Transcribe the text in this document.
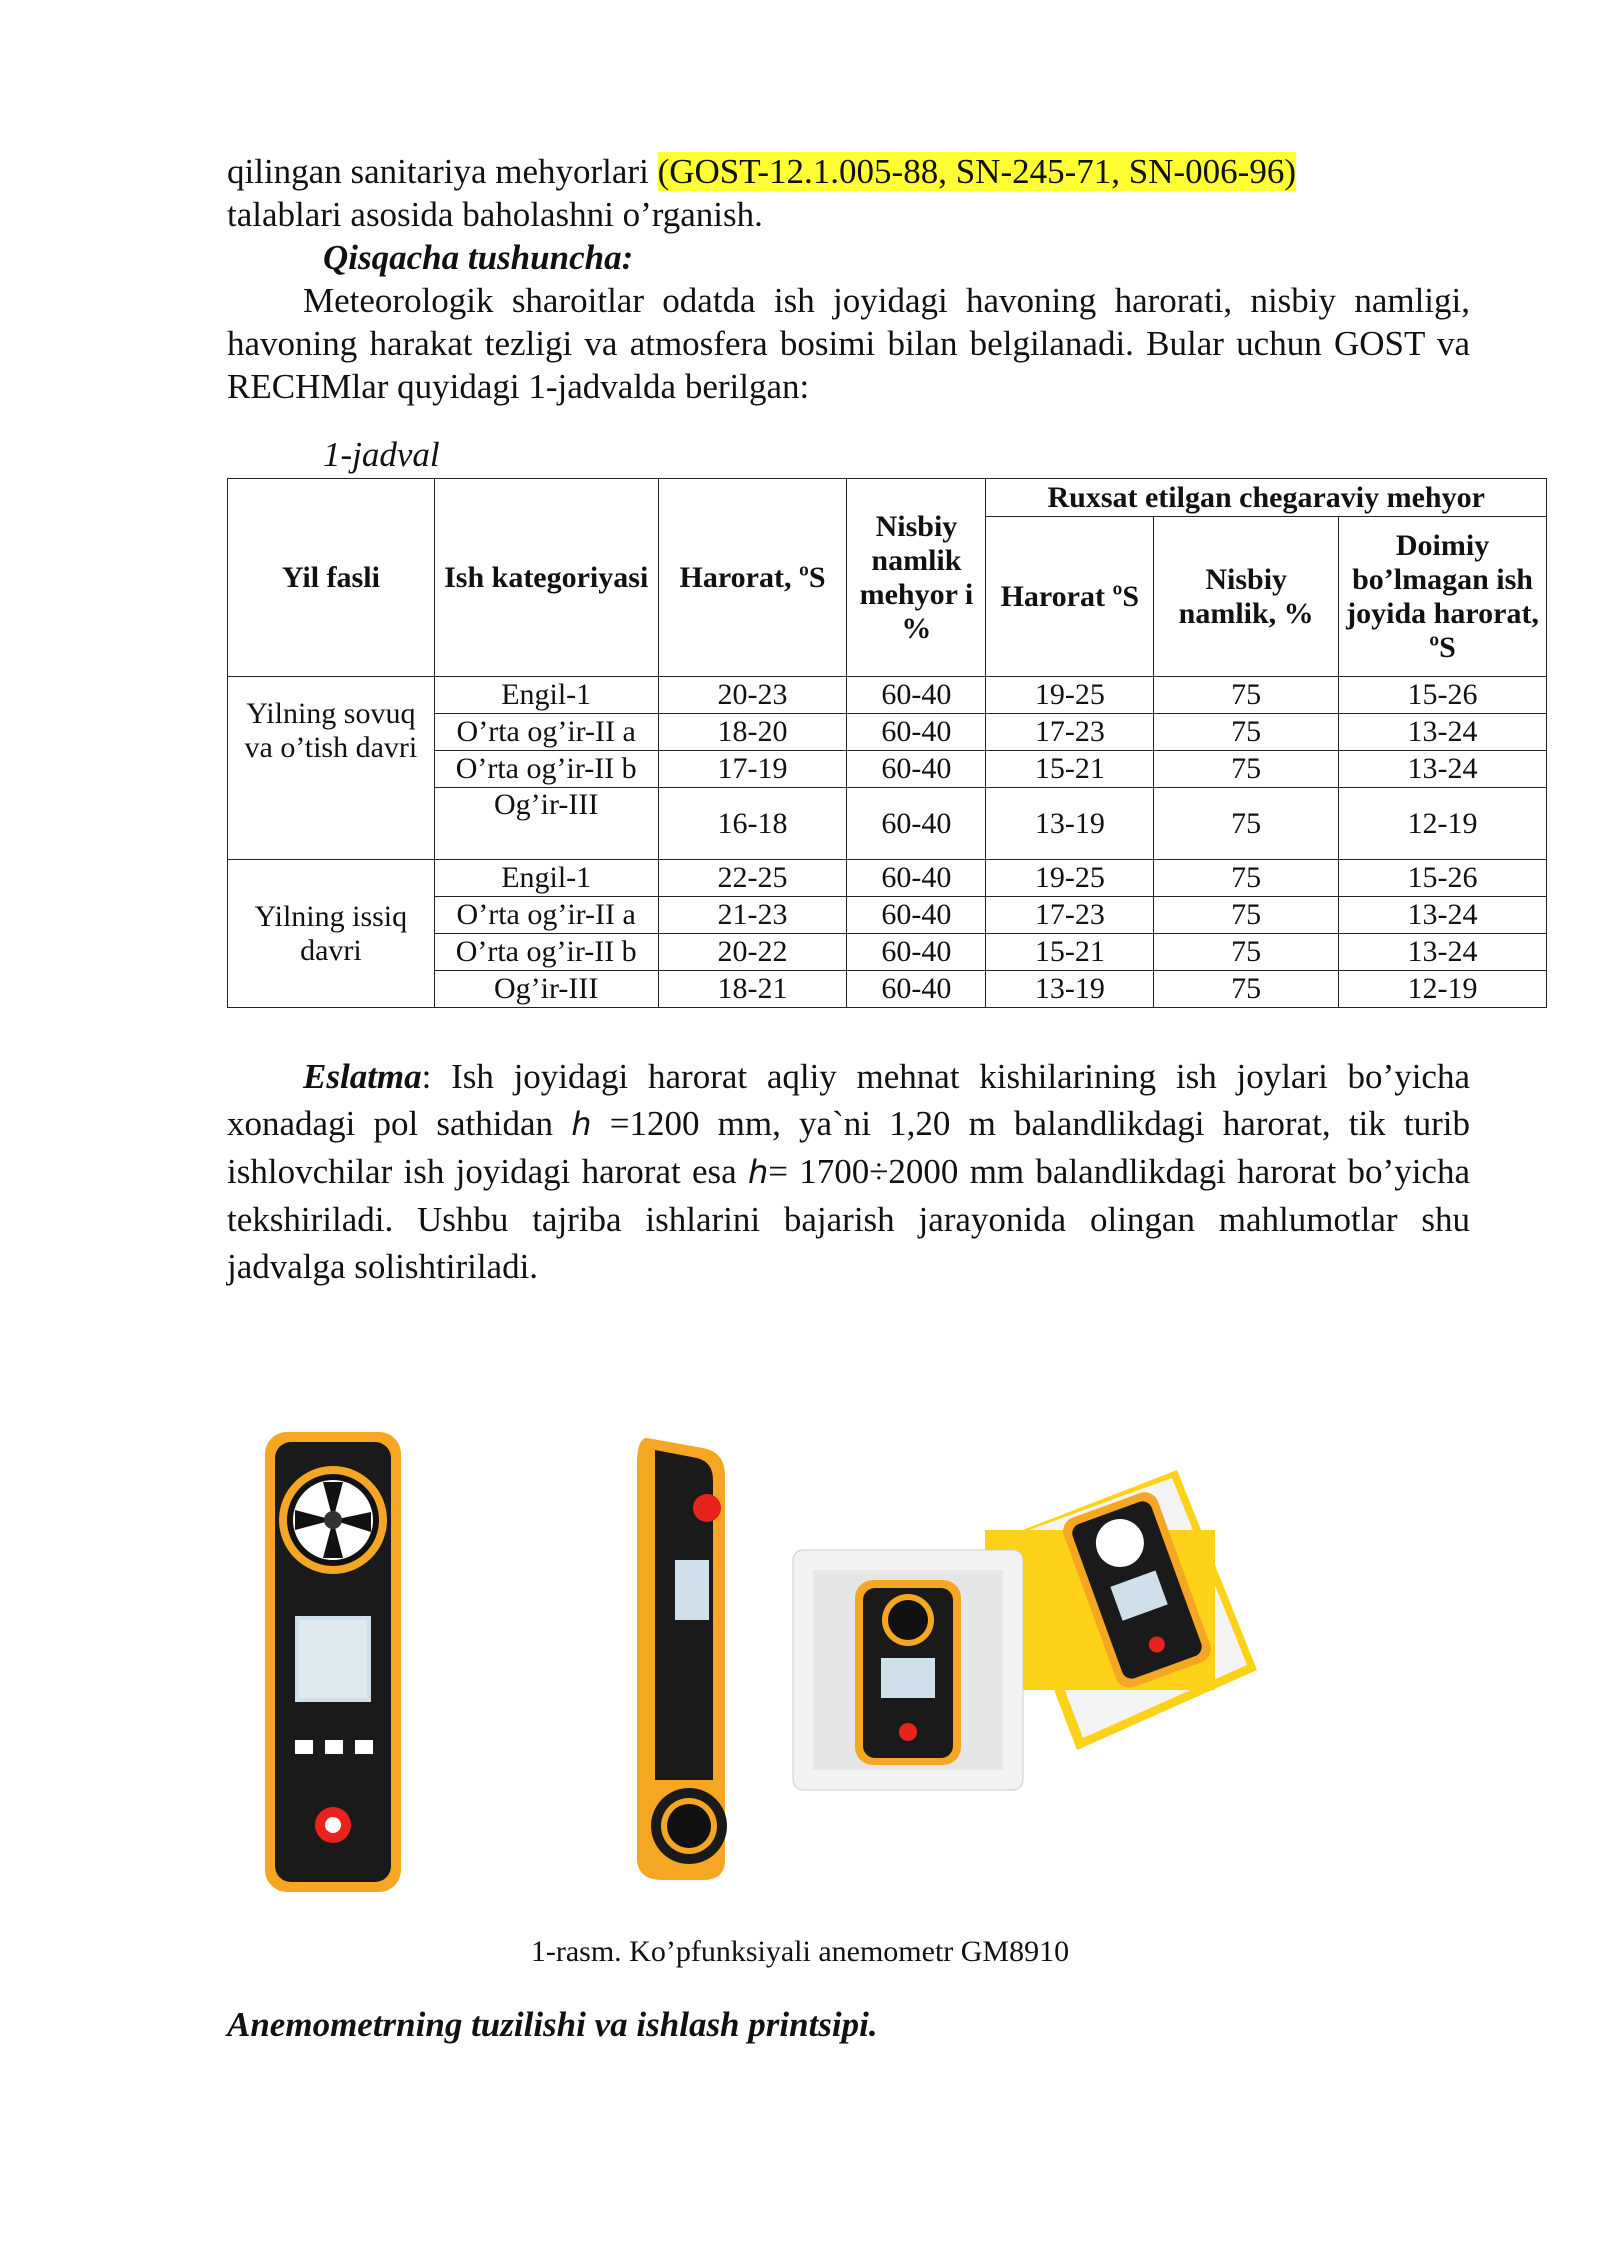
qilingan sanitariya mehyorlari (GOST-12.1.005-88, SN-245-71, SN-006-96)

talablari asosida baholashni o’rganish.

Qisqacha tushuncha:

Meteorologik sharoitlar odatda ish joyidagi havoning harorati, nisbiy namligi, havoning harakat tezligi va atmosfera bosimi bilan belgilanadi. Bular uchun GOST va RECHMlar quyidagi 1-jadvalda berilgan:

1-jadval
Yil fasli	Ish kategoriyasi	Harorat, ºS	Nisbiy namlik mehyor i %	Ruxsat etilgan chegaraviy mehyor		
				Harorat ºS	Nisbiy namlik, %	Doimiy bo’lmagan ish joyida harorat, ºS
Yilning sovuq va o’tish davri	Engil-1	20-23	60-40	19-25	75	15-26
	O’rta og’ir-II a	18-20	60-40	17-23	75	13-24
	O’rta og’ir-II b	17-19	60-40	15-21	75	13-24
	Og’ir-III	16-18	60-40	13-19	75	12-19
Yilning issiq davri	Engil-1	22-25	60-40	19-25	75	15-26
	O’rta og’ir-II a	21-23	60-40	17-23	75	13-24
	O’rta og’ir-II b	20-22	60-40	15-21	75	13-24
	Og’ir-III	18-21	60-40	13-19	75	12-19

Eslatma: Ish joyidagi harorat aqliy mehnat kishilarining ish joylari bo’yicha xonadagi pol sathidan h =1200 mm, ya`ni 1,20 m balandlikdagi harorat, tik turib ishlovchilar ish joyidagi harorat esa h= 1700÷2000 mm balandlikdagi harorat bo’yicha tekshiriladi. Ushbu tajriba ishlarini bajarish jarayonida olingan mahlumotlar shu jadvalga solishtiriladi.

1-rasm. Ko’pfunksiyali anemometr GM8910
Anemometrning tuzilishi va ishlash printsipi.
